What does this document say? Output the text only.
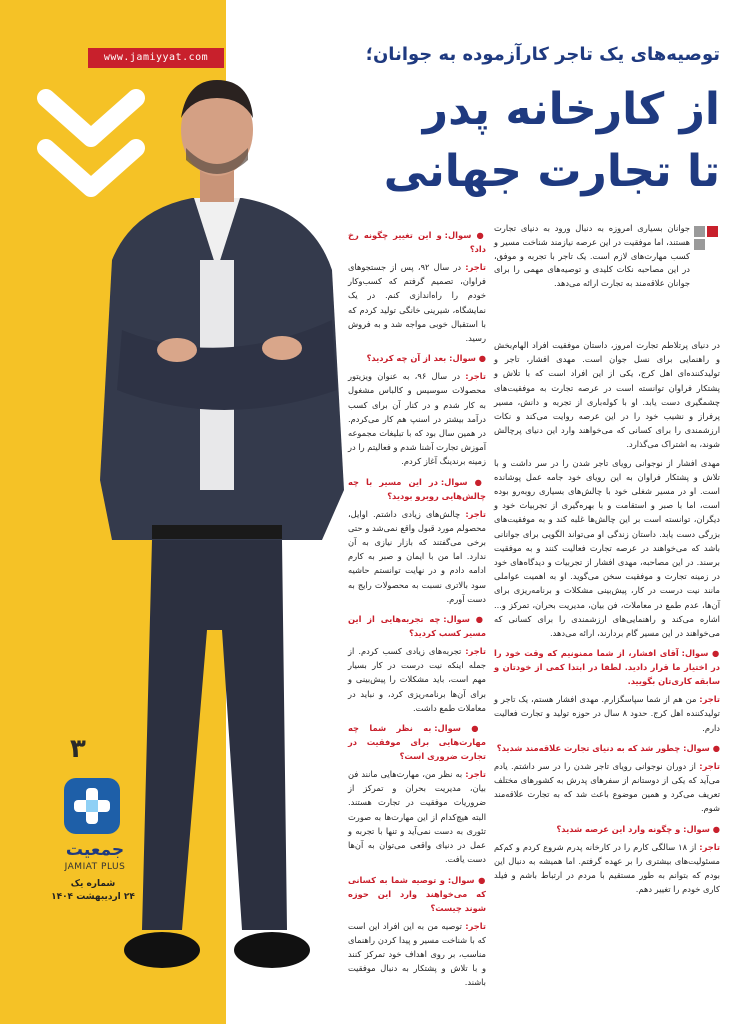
www.jamiyyat.com
۳
جمعیت
JAMIAT PLUS
شماره یک
۲۴ اردیبهشت ۱۴۰۴
توصیه‌های یک تاجر کارآزموده به جوانان؛
از کارخانه پدر
تا تجارت جهانی
جوانان بسیاری امروزه به دنبال ورود به دنیای تجارت هستند، اما موفقیت در این عرصه نیازمند شناخت مسیر و کسب مهارت‌های لازم است. یک تاجر با تجربه و موفق، در این مصاحبه نکات کلیدی و توصیه‌های مهمی را برای جوانان علاقه‌مند به تجارت ارائه می‌دهد.
در دنیای پرتلاطم تجارت امروز، داستان موفقیت افراد الهام‌بخش و راهنمایی برای نسل جوان است. مهدی افشار، تاجر و تولیدکننده‌ای اهل کرج، یکی از این افراد است که با تلاش و پشتکار فراوان توانسته است در عرصه تجارت به موفقیت‌های چشمگیری دست یابد. او با کوله‌باری از تجربه و دانش، مسیر پرفراز و نشیب خود را در این عرصه روایت می‌کند و نکات ارزشمندی را برای کسانی که می‌خواهند وارد این دنیای پرچالش شوند، به اشتراک می‌گذارد.
مهدی افشار از نوجوانی رویای تاجر شدن را در سر داشت و با تلاش و پشتکار فراوان به این رویای خود جامه عمل پوشانده است. او در مسیر شغلی خود با چالش‌های بسیاری روبه‌رو بوده است، اما با صبر و استقامت و با بهره‌گیری از تجربیات خود و دیگران، توانسته است بر این چالش‌ها غلبه کند و به موفقیت‌های بزرگی دست یابد. داستان زندگی او می‌تواند الگویی برای جوانانی باشد که می‌خواهند در عرصه تجارت فعالیت کنند و به موفقیت برسند. در این مصاحبه، مهدی افشار از تجربیات و دیدگاه‌های خود در زمینه تجارت و موفقیت سخن می‌گوید. او به اهمیت عواملی مانند نیت درست در کار، پیش‌بینی مشکلات و برنامه‌ریزی برای آن‌ها، عدم طمع در معاملات، فن بیان، مدیریت بحران، تمرکز و... اشاره می‌کند و راهنمایی‌های ارزشمندی را برای کسانی که می‌خواهند در این مسیر گام بردارند، ارائه می‌دهد.
● سوال: آقای افشار، از شما ممنونیم که وقت خود را در اختیار ما قرار دادید. لطفا در ابتدا کمی از خودتان و سابقه کاری‌تان بگویید.
تاجر: من هم از شما سپاسگزارم. مهدی افشار هستم، یک تاجر و تولیدکننده اهل کرج. حدود ۸ سال در حوزه تولید و تجارت فعالیت دارم.
● سوال: چطور شد که به دنیای تجارت علاقه‌مند شدید؟
تاجر: از دوران نوجوانی رویای تاجر شدن را در سر داشتم. یادم می‌آید که یکی از دوستانم از سفرهای پدرش به کشورهای مختلف تعریف می‌کرد و همین موضوع باعث شد که به تجارت علاقه‌مند شوم.
● سوال: و چگونه وارد این عرصه شدید؟
تاجر: از ۱۸ سالگی کارم را در کارخانه پدرم شروع کردم و کم‌کم مسئولیت‌های بیشتری را بر عهده گرفتم. اما همیشه به دنبال این بودم که بتوانم به طور مستقیم با مردم در ارتباط باشم و فیلد کاری خودم را تغییر دهم.
● سوال: و این تغییر چگونه رخ داد؟
تاجر: در سال ۹۲، پس از جستجوهای فراوان، تصمیم گرفتم که کسب‌وکار خودم را راه‌اندازی کنم. در یک نمایشگاه، شیرینی خانگی تولید کردم که با استقبال خوبی مواجه شد و به فروش رسید.
● سوال: بعد از آن چه کردید؟
تاجر: در سال ۹۶، به عنوان ویزیتور محصولات سوسیس و کالباس مشغول به کار شدم و در کنار آن برای کسب درآمد بیشتر در اسنپ هم کار می‌کردم. در همین سال بود که با تبلیغات مجموعه آموزش تجارت آشنا شدم و فعالیتم را در زمینه برندینگ آغاز کردم.
● سوال: در این مسیر با چه چالش‌هایی روبرو بودید؟
تاجر: چالش‌های زیادی داشتم. اوایل، محصولم مورد قبول واقع نمی‌شد و حتی برخی می‌گفتند که بازار نیازی به آن ندارد. اما من با ایمان و صبر به کارم ادامه دادم و در نهایت توانستم حاشیه سود بالاتری نسبت به محصولات رایج به دست آورم.
● سوال: چه تجربه‌هایی از این مسیر کسب کردید؟
تاجر: تجربه‌های زیادی کسب کردم. از جمله اینکه نیت درست در کار بسیار مهم است، باید مشکلات را پیش‌بینی و برای آن‌ها برنامه‌ریزی کرد، و نباید در معاملات طمع داشت.
● سوال: به نظر شما چه مهارت‌هایی برای موفقیت در تجارت ضروری است؟
تاجر: به نظر من، مهارت‌هایی مانند فن بیان، مدیریت بحران و تمرکز از ضروریات موفقیت در تجارت هستند. البته هیچ‌کدام از این مهارت‌ها به صورت تئوری به دست نمی‌آید و تنها با تجربه و عمل در دنیای واقعی می‌توان به آن‌ها دست یافت.
● سوال: و توصیه شما به کسانی که می‌خواهند وارد این حوزه شوند چیست؟
تاجر: توصیه من به این افراد این است که با شناخت مسیر و پیدا کردن راهنمای مناسب، بر روی اهداف خود تمرکز کنند و با تلاش و پشتکار به دنبال موفقیت باشند.
